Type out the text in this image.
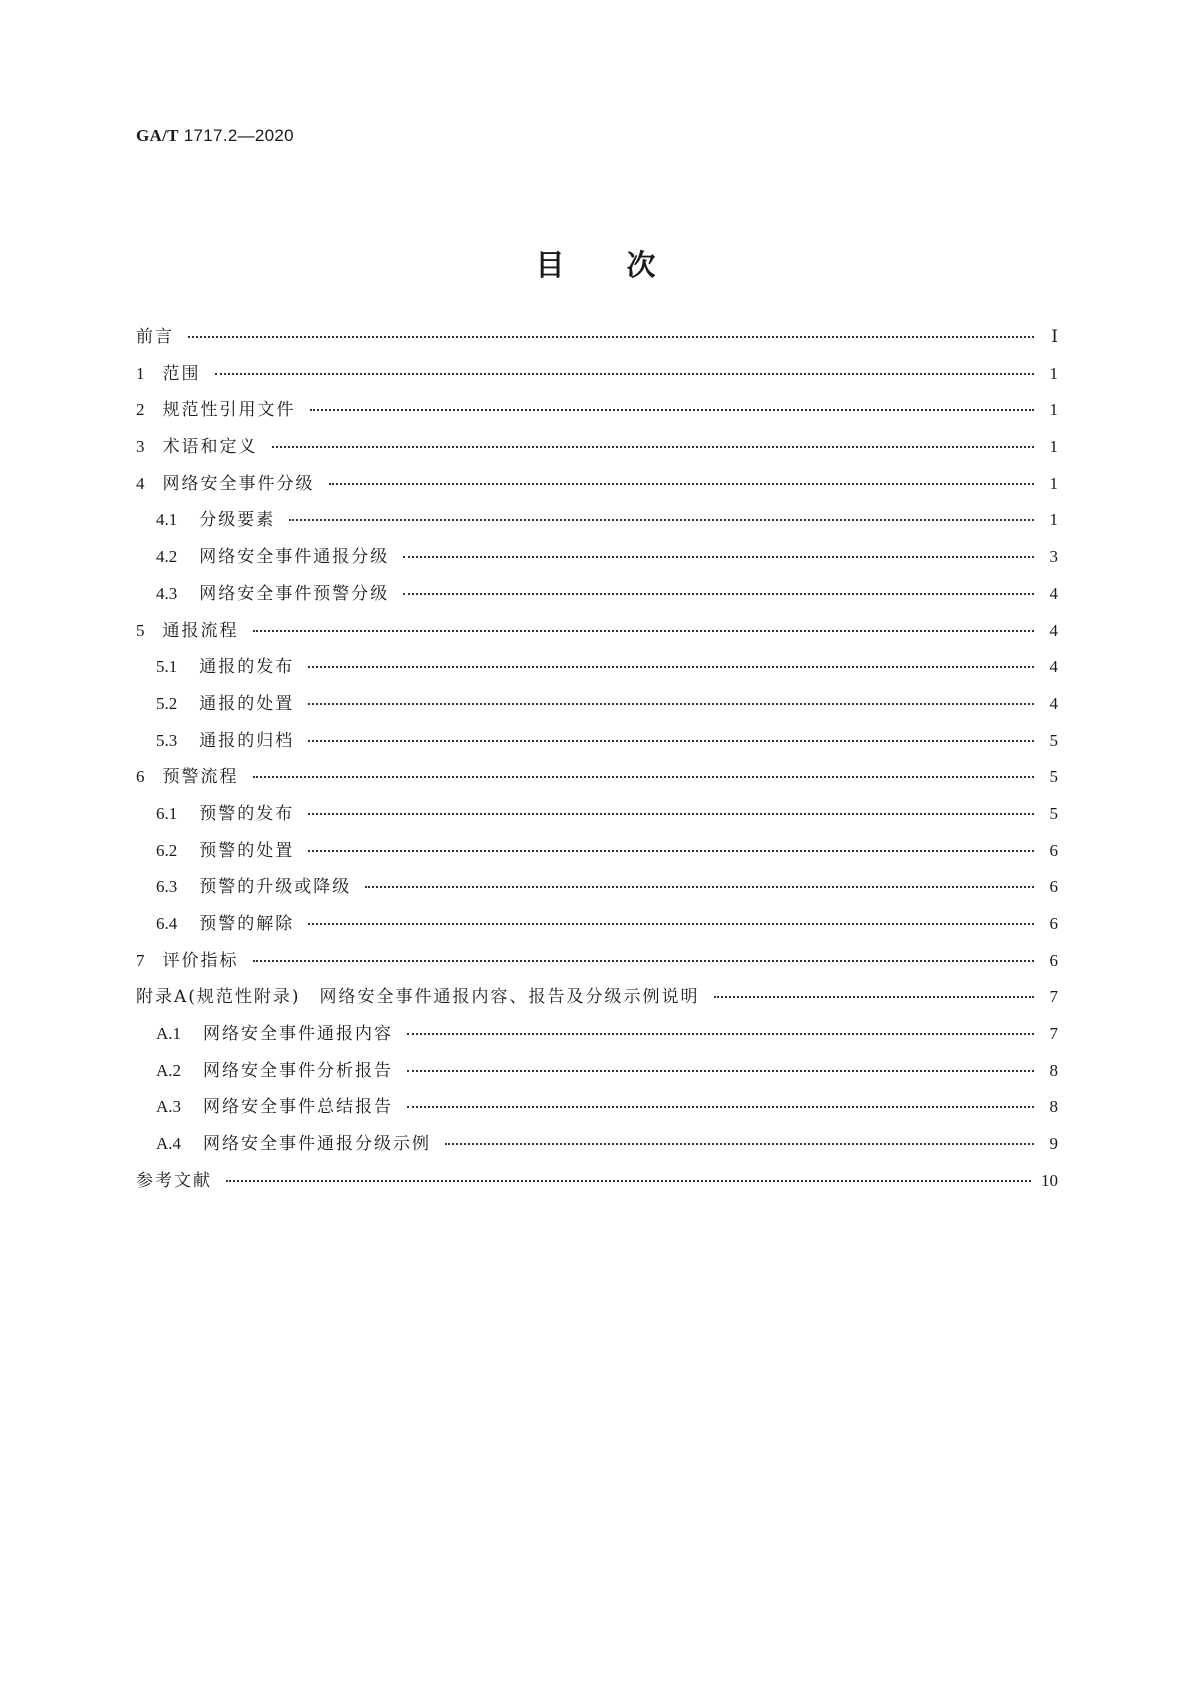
GA/T 1717.2—2020
目次
前言	Ⅰ
1 范围	1
2 规范性引用文件	1
3 术语和定义	1
4 网络安全事件分级	1
4.1 分级要素	1
4.2 网络安全事件通报分级	3
4.3 网络安全事件预警分级	4
5 通报流程	4
5.1 通报的发布	4
5.2 通报的处置	4
5.3 通报的归档	5
6 预警流程	5
6.1 预警的发布	5
6.2 预警的处置	6
6.3 预警的升级或降级	6
6.4 预警的解除	6
7 评价指标	6
附录A(规范性附录)　网络安全事件通报内容、报告及分级示例说明	7
A.1 网络安全事件通报内容	7
A.2 网络安全事件分析报告	8
A.3 网络安全事件总结报告	8
A.4 网络安全事件通报分级示例	9
参考文献	10
